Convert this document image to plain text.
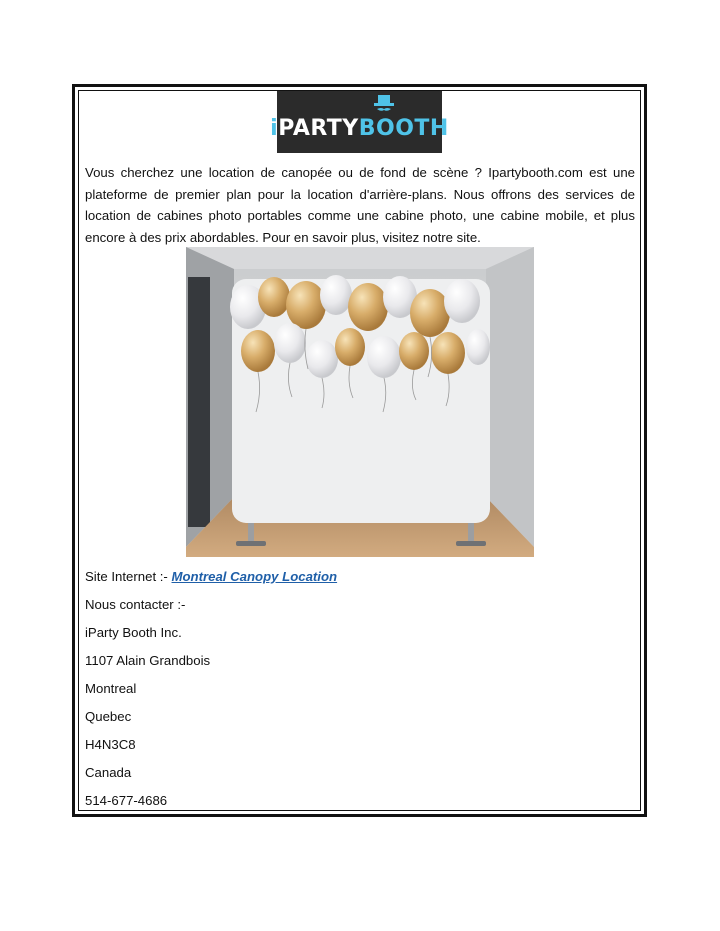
iPARTYBOOTH

Vous cherchez une location de canopée ou de fond de scène ? Ipartybooth.com est une plateforme de premier plan pour la location d'arrière-plans. Nous offrons des services de location de cabines photo portables comme une cabine photo, une cabine mobile, et plus encore à des prix abordables. Pour en savoir plus, visitez notre site.

Site Internet :- Montreal Canopy Location
Nous contacter :-
iParty Booth Inc.
1107 Alain Grandbois
Montreal
Quebec
H4N3C8
Canada
514-677-4686
